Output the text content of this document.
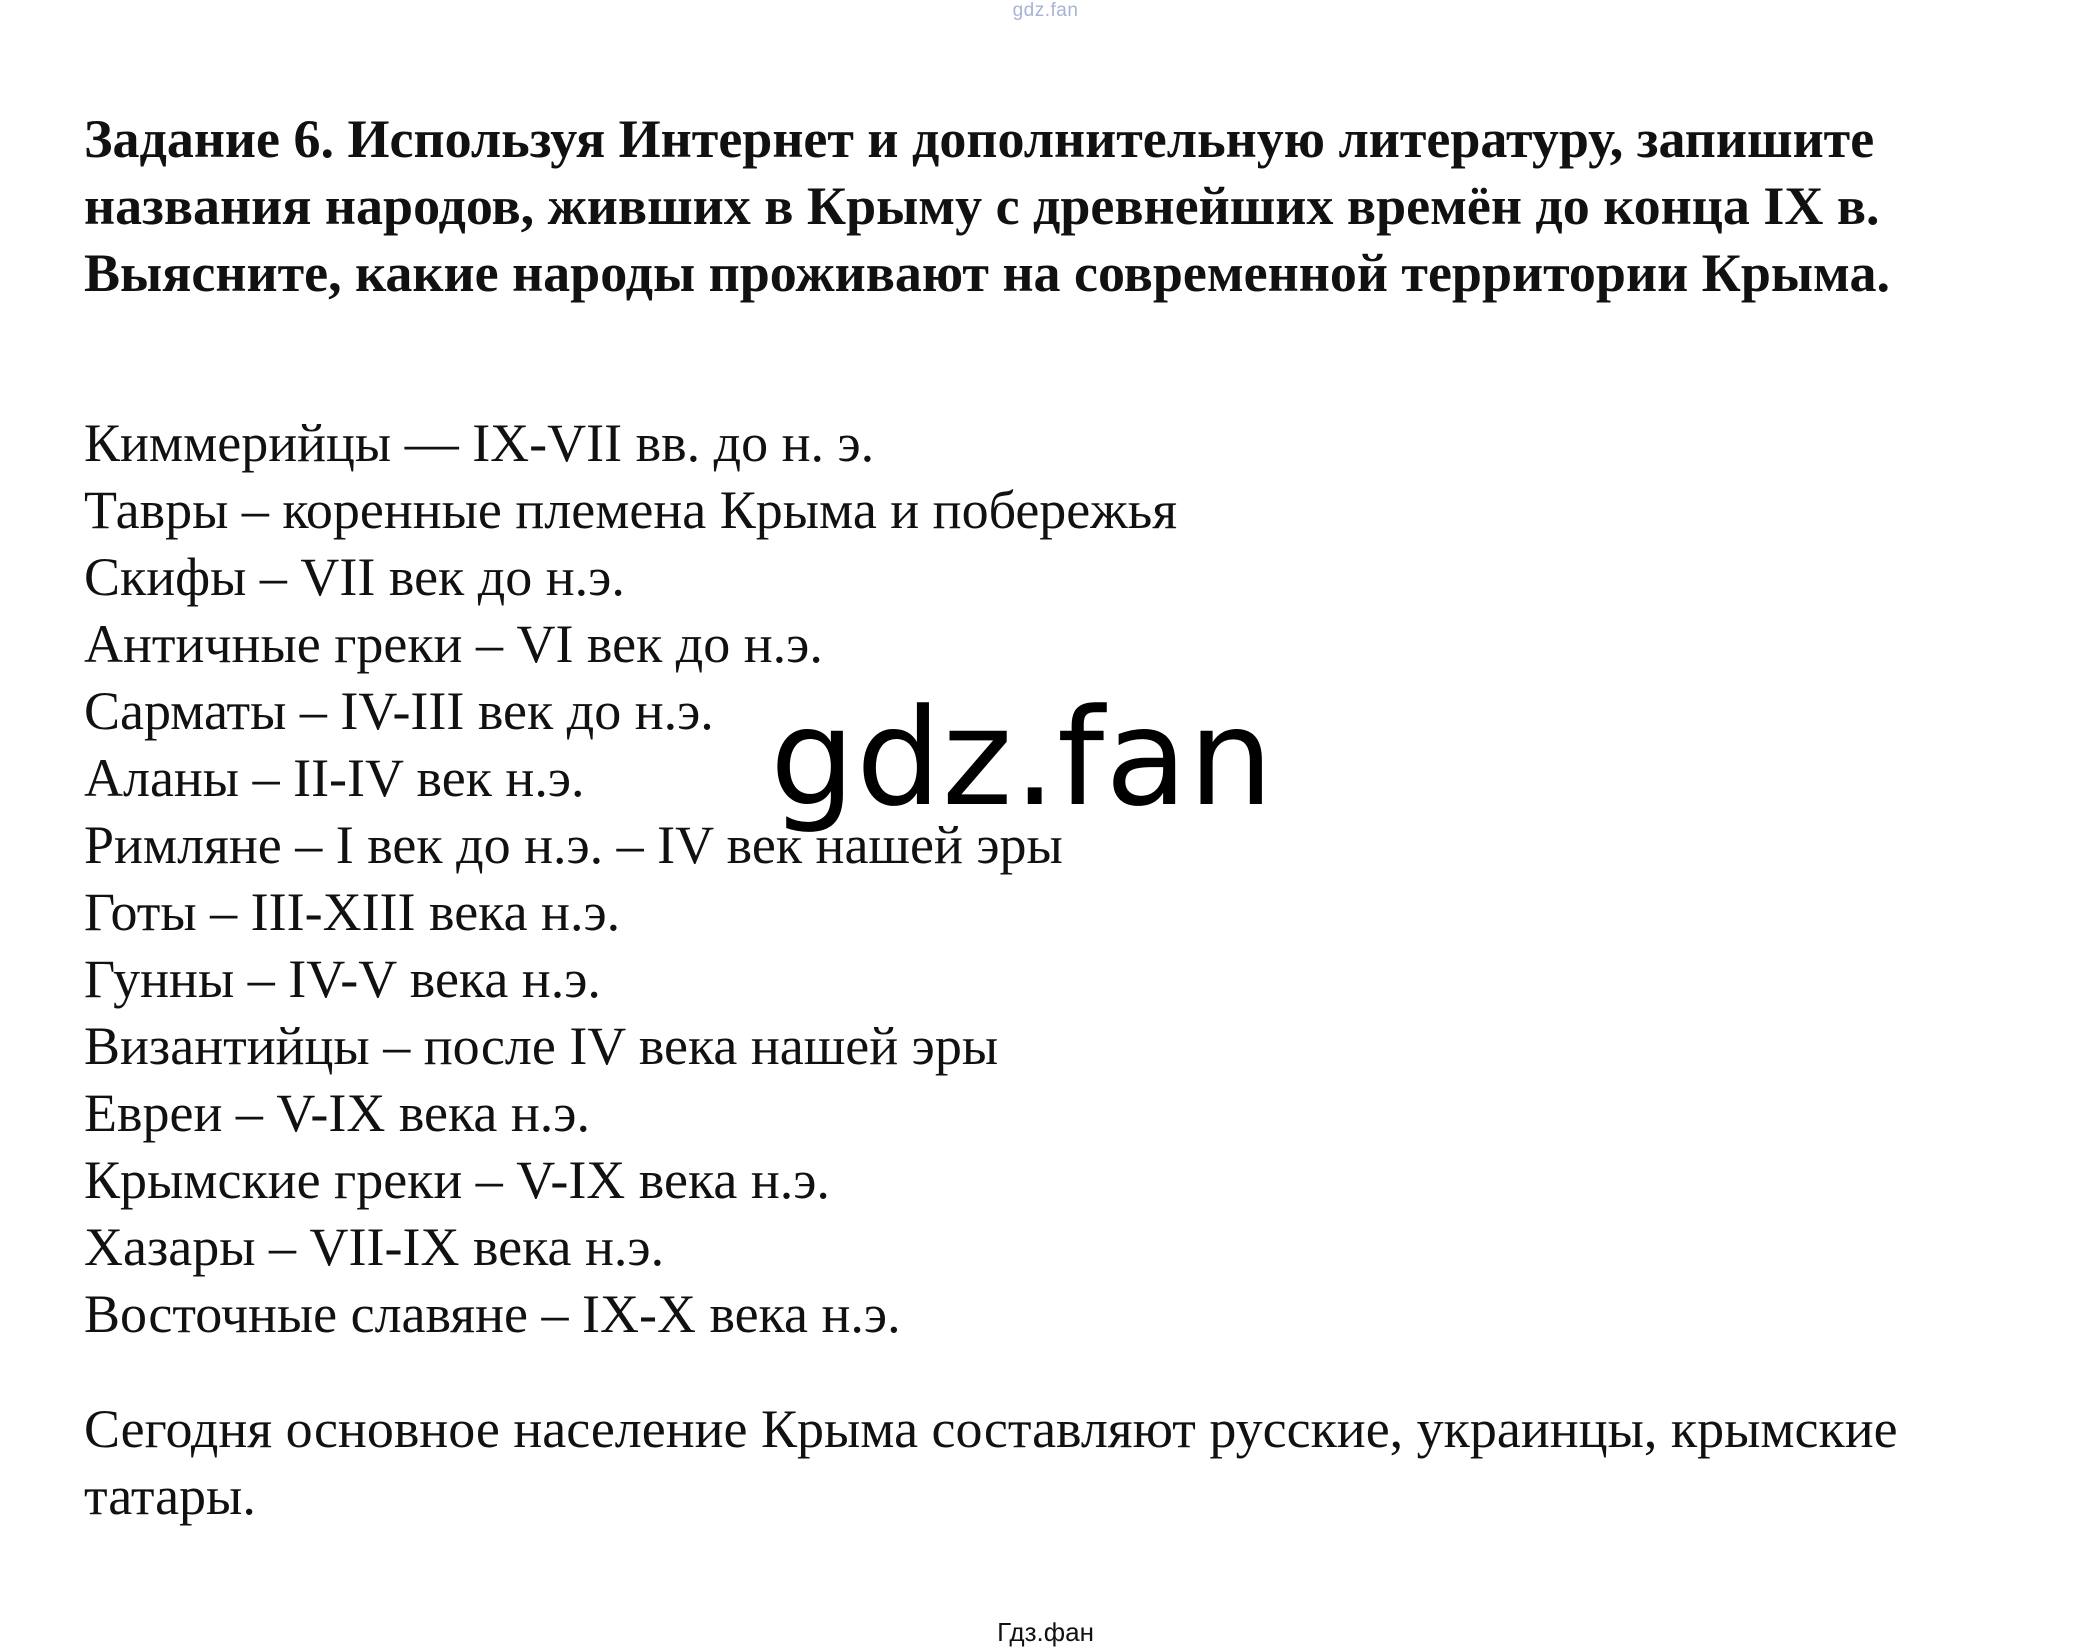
gdz.fan

Задание 6. Используя Интернет и дополнительную литературу, запишите названия народов, живших в Крыму с древнейших времён до конца IX в. Выясните, какие народы проживают на современной территории Крыма.

Киммерийцы — IX-VII вв. до н. э.
Тавры – коренные племена Крыма и побережья
Скифы – VII век до н.э.
Античные греки – VI век до н.э.
Сарматы – IV-III век до н.э.
Аланы – II-IV век н.э.
Римляне – I век до н.э. – IV век нашей эры
Готы – III-XIII века н.э.
Гунны – IV-V века н.э.
Византийцы – после IV века нашей эры
Евреи – V-IX века н.э.
Крымские греки – V-IX века н.э.
Хазары – VII-IX века н.э.
Восточные славяне – IX-X века н.э.

Сегодня основное население Крыма составляют русские, украинцы, крымские татары.

gdz.fan
Гдз.фан
